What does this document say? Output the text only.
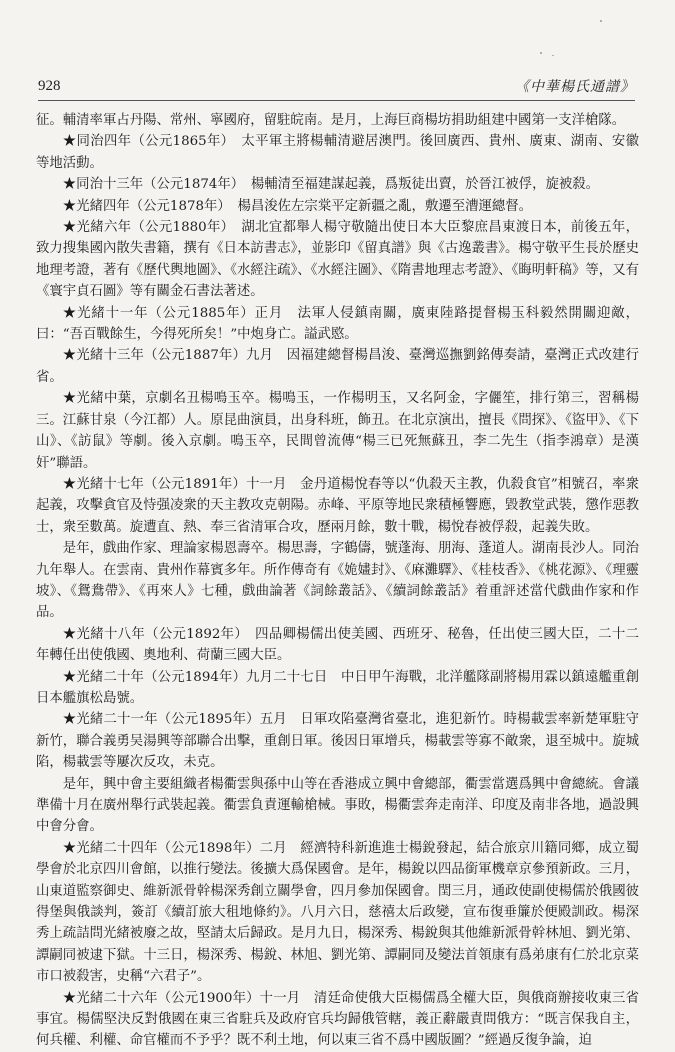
928	《中華楊氏通譜》

征。輔清率軍占丹陽、常州、寧國府，留駐皖南。是月，上海巨商楊坊捐助組建中國第一支洋槍隊。

★同治四年（公元1865年）　太平軍主將楊輔清避居澳門。後回廣西、貴州、廣東、湖南、安徽等地活動。

★同治十三年（公元1874年）　楊輔清至福建謀起義，爲叛徒出賣，於晉江被俘，旋被殺。

★光緒四年（公元1878年）　楊昌浚佐左宗棠平定新疆之亂，敷遷至漕運總督。

★光緒六年（公元1880年）　湖北宜都舉人楊守敬隨出使日本大臣黎庶昌東渡日本，前後五年，致力搜集國內散失書籍，撰有《日本訪書志》，並影印《留真譜》與《古逸叢書》。楊守敬平生長於歷史地理考證，著有《歷代輿地圖》、《水經注疏》、《水經注圖》、《隋書地理志考證》、《晦明軒稿》等，又有《寰宇貞石圖》等有關金石書法著述。

★光緒十一年（公元1885年）正月　法軍人侵鎮南關，廣東陸路提督楊玉科毅然開關迎敵，曰：“吾百戰餘生，今得死所矣！”中炮身亡。謚武愍。

★光緒十三年（公元1887年）九月　因福建總督楊昌浚、臺灣巡撫劉銘傳奏請，臺灣正式改建行省。

★光緒中葉，京劇名丑楊鳴玉卒。楊鳴玉，一作楊明玉，又名阿金，字儷笙，排行第三，習稱楊三。江蘇甘泉（今江都）人。原昆曲演員，出身科班，飾丑。在北京演出，擅長《問探》、《盜甲》、《下山》、《訪鼠》等劇。後入京劇。鳴玉卒，民間曾流傳“楊三已死無蘇丑，李二先生（指李鴻章）是漢奸”聯語。

★光緒十七年（公元1891年）十一月　金丹道楊悅春等以“仇殺天主教，仇殺食官”相號召，率衆起義，攻擊貪官及恃强凌衆的天主教攻克朝陽。赤峰、平原等地民衆積極響應，毀教堂武裝，懲作惡教士，衆至數萬。旋遭直、熱、奉三省清軍合攻，歷兩月餘，數十戰，楊悅春被俘殺，起義失敗。

是年，戲曲作家、理論家楊恩壽卒。楊思壽，字鶴儔，號蓬海、朋海、蓬道人。湖南長沙人。同治九年舉人。在雲南、貴州作幕賓多年。所作傳奇有《姽嫿封》、《麻灘驛》、《桂枝香》、《桃花源》、《理靈坡》、《鴛鴦帶》、《再來人》七種，戲曲論著《詞餘叢話》、《續詞餘叢話》着重評述當代戲曲作家和作品。

★光緒十八年（公元1892年）　四品卿楊儒出使美國、西班牙、秘魯，任出使三國大臣，二十二年轉任出使俄國、奧地利、荷蘭三國大臣。

★光緒二十年（公元1894年）九月二十七日　中日甲午海戰，北洋艦隊副將楊用霖以鎮遠艦重創日本艦旗松島號。

★光緒二十一年（公元1895年）五月　日軍攻陷臺灣省臺北，進犯新竹。時楊載雲率新楚軍駐守新竹，聯合義勇吴湯興等部聯合出擊，重創日軍。後因日軍增兵，楊載雲等寡不敵衆，退至城中。旋城陷，楊載雲等屢次反攻，未克。

是年，興中會主要組織者楊衢雲與孫中山等在香港成立興中會總部，衢雲當選爲興中會總統。會議準備十月在廣州舉行武裝起義。衢雲負責運輸槍械。事敗，楊衢雲奔走南洋、印度及南非各地，過設興中會分會。

★光緒二十四年（公元1898年）二月　經濟特科新進進士楊銳發起，結合旅京川籍同鄉，成立蜀學會於北京四川會館，以推行變法。後擴大爲保國會。是年，楊銳以四品銜軍機章京參預新政。三月，山東道監察御史、維新派骨幹楊深秀創立關學會，四月參加保國會。閏三月，通政使副使楊儒於俄國彼得堡與俄談判，簽訂《續訂旅大租地條約》。八月六日，慈禧太后政變，宣布復垂簾於便殿訓政。楊深秀上疏詰問光緒被廢之故，堅請太后歸政。是月九日，楊深秀、楊銳與其他維新派骨幹林旭、劉光第、譚嗣同被逮下獄。十三日，楊深秀、楊銳、林旭、劉光第、譚嗣同及變法首領康有爲弟康有仁於北京菜市口被殺害，史稱“六君子”。

★光緒二十六年（公元1900年）十一月　清廷命使俄大臣楊儒爲全權大臣，與俄商辦接收東三省事宜。楊儒堅決反對俄國在東三省駐兵及政府官兵均歸俄管轄，義正辭嚴責問俄方：“既言保我自主，何兵權、利權、命官權而不予乎？既不利土地，何以東三省不爲中國版圖？”經過反復争論，迫
